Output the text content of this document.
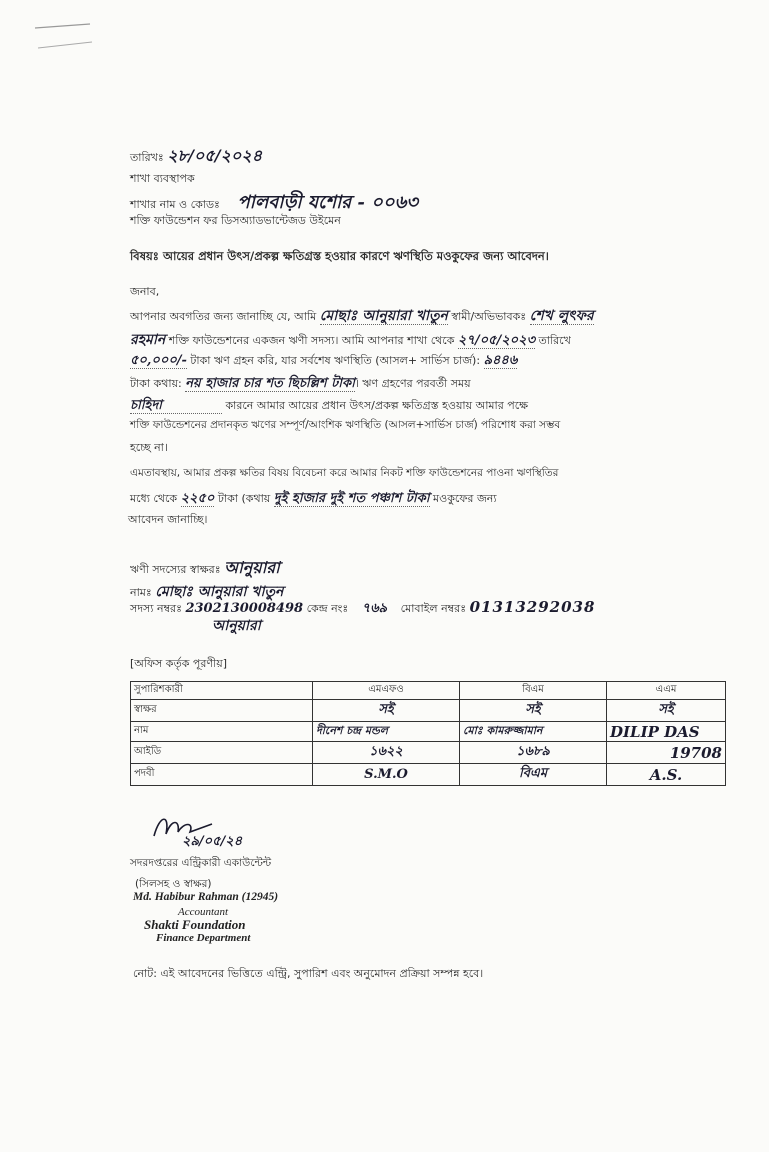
তারিখঃ ২৮/০৫/২০২৪
শাখা ব্যবস্থাপক
শাখার নাম ও কোডঃ পালবাড়ী যশোর - ০০৬৩
শক্তি ফাউন্ডেশন ফর ডিসঅ্যাডভান্টেজড উইমেন
বিষয়ঃ আয়ের প্রধান উৎস/প্রকল্প ক্ষতিগ্রস্ত হওয়ার কারণে ঋণস্থিতি মওকুফের জন্য আবেদন।
জনাব,
আপনার অবগতির জন্য জানাচ্ছি যে, আমি মোছাঃ আনুয়ারা খাতুন স্বামী/অভিভাবকঃ শেখ লুৎফর
রহমান শক্তি ফাউন্ডেশনের একজন ঋণী সদস্য। আমি আপনার শাখা থেকে ২৭/০৫/২০২৩ তারিখে
৫০,০০০/- টাকা ঋণ গ্রহন করি, যার সর্বশেষ ঋণস্থিতি (আসল+ সার্ভিস চার্জ): ৯৪৪৬
টাকা কথায়: নয় হাজার চার শত ছিচল্লিশ টাকা। ঋণ গ্রহণের পরবর্তী সময়
চাহিদা	কারনে আমার আয়ের প্রধান উৎস/প্রকল্প ক্ষতিগ্রস্ত হওয়ায় আমার পক্ষে
শক্তি ফাউন্ডেশনের প্রদানকৃত ঋণের সম্পূর্ণ/আংশিক ঋণস্থিতি (আসল+সার্ভিস চার্জ) পরিশোধ করা সম্ভব
হচ্ছে না।
এমতাবস্থায়, আমার প্রকল্প ক্ষতির বিষয় বিবেচনা করে আমার নিকট শক্তি ফাউন্ডেশনের পাওনা ঋণস্থিতির
মধ্যে থেকে ২২৫০ টাকা (কথায় দুই হাজার দুই শত পঞ্চাশ টাকা মওকুফের জন্য
আবেদন জানাচ্ছি।
ঋণী সদস্যের স্বাক্ষরঃ আনুয়ারা
নামঃ মোছাঃ আনুয়ারা খাতুন
সদস্য নম্বরঃ 2302130008498 কেন্দ্র নংঃ ৭৬৯ মোবাইল নম্বরঃ 01313292038
আনুয়ারা
[অফিস কর্তৃক পূরণীয়]
সুপারিশকারী	এমএফও	বিএম	এএম
স্বাক্ষর	সই	সই	সই
নাম	দীনেশ চন্দ্র মন্ডল	মোঃ কামরুজ্জামান	DILIP DAS
আইডি	১৬২২	১৬৮৯	19708
পদবী	S.M.O	বিএম	A.S.
২৯/০৫/২৪
সদরদপ্তরের এন্ট্রিকারী একাউন্টেন্ট
(সিলসহ ও স্বাক্ষর)
Md. Habibur Rahman (12945)
Accountant
Shakti Foundation
Finance Department
নোট: এই আবেদনের ভিত্তিতে এন্ট্রি, সুপারিশ এবং অনুমোদন প্রক্রিয়া সম্পন্ন হবে।
